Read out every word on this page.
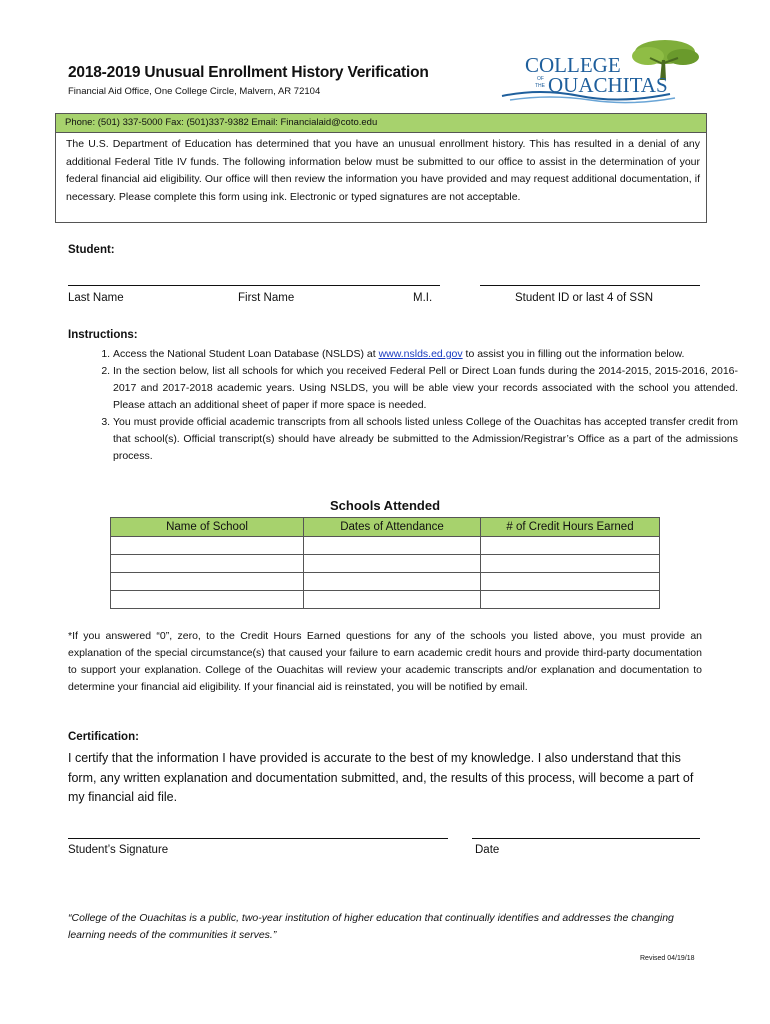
2018-2019 Unusual Enrollment History Verification
Financial Aid Office, One College Circle, Malvern, AR 72104
COLLEGE
OF
THE OUACHITAS
Phone: (501) 337-5000 Fax: (501)337-9382 Email: Financialaid@coto.edu
The U.S. Department of Education has determined that you have an unusual enrollment history. This has resulted in a denial of any additional Federal Title IV funds. The following information below must be submitted to our office to assist in the determination of your federal financial aid eligibility. Our office will then review the information you have provided and may request additional documentation, if necessary. Please complete this form using ink. Electronic or typed signatures are not acceptable.
Student:
Last Name	First Name	M.I.	Student ID or last 4 of SSN
Instructions:
1. Access the National Student Loan Database (NSLDS) at www.nslds.ed.gov to assist you in filling out the information below.
2. In the section below, list all schools for which you received Federal Pell or Direct Loan funds during the 2014-2015, 2015-2016, 2016-2017 and 2017-2018 academic years. Using NSLDS, you will be able view your records associated with the school you attended. Please attach an additional sheet of paper if more space is needed.
3. You must provide official academic transcripts from all schools listed unless College of the Ouachitas has accepted transfer credit from that school(s). Official transcript(s) should have already be submitted to the Admission/Registrar’s Office as a part of the admissions process.
Schools Attended
Name of School	Dates of Attendance	# of Credit Hours Earned

*If you answered “0”, zero, to the Credit Hours Earned questions for any of the schools you listed above, you must provide an explanation of the special circumstance(s) that caused your failure to earn academic credit hours and provide third-party documentation to support your explanation. College of the Ouachitas will review your academic transcripts and/or explanation and documentation to determine your financial aid eligibility. If your financial aid is reinstated, you will be notified by email.
Certification:
I certify that the information I have provided is accurate to the best of my knowledge. I also understand that this form, any written explanation and documentation submitted, and, the results of this process, will become a part of my financial aid file.
Student’s Signature	Date
“College of the Ouachitas is a public, two-year institution of higher education that continually identifies and addresses the changing learning needs of the communities it serves.”
Revised 04/19/18
